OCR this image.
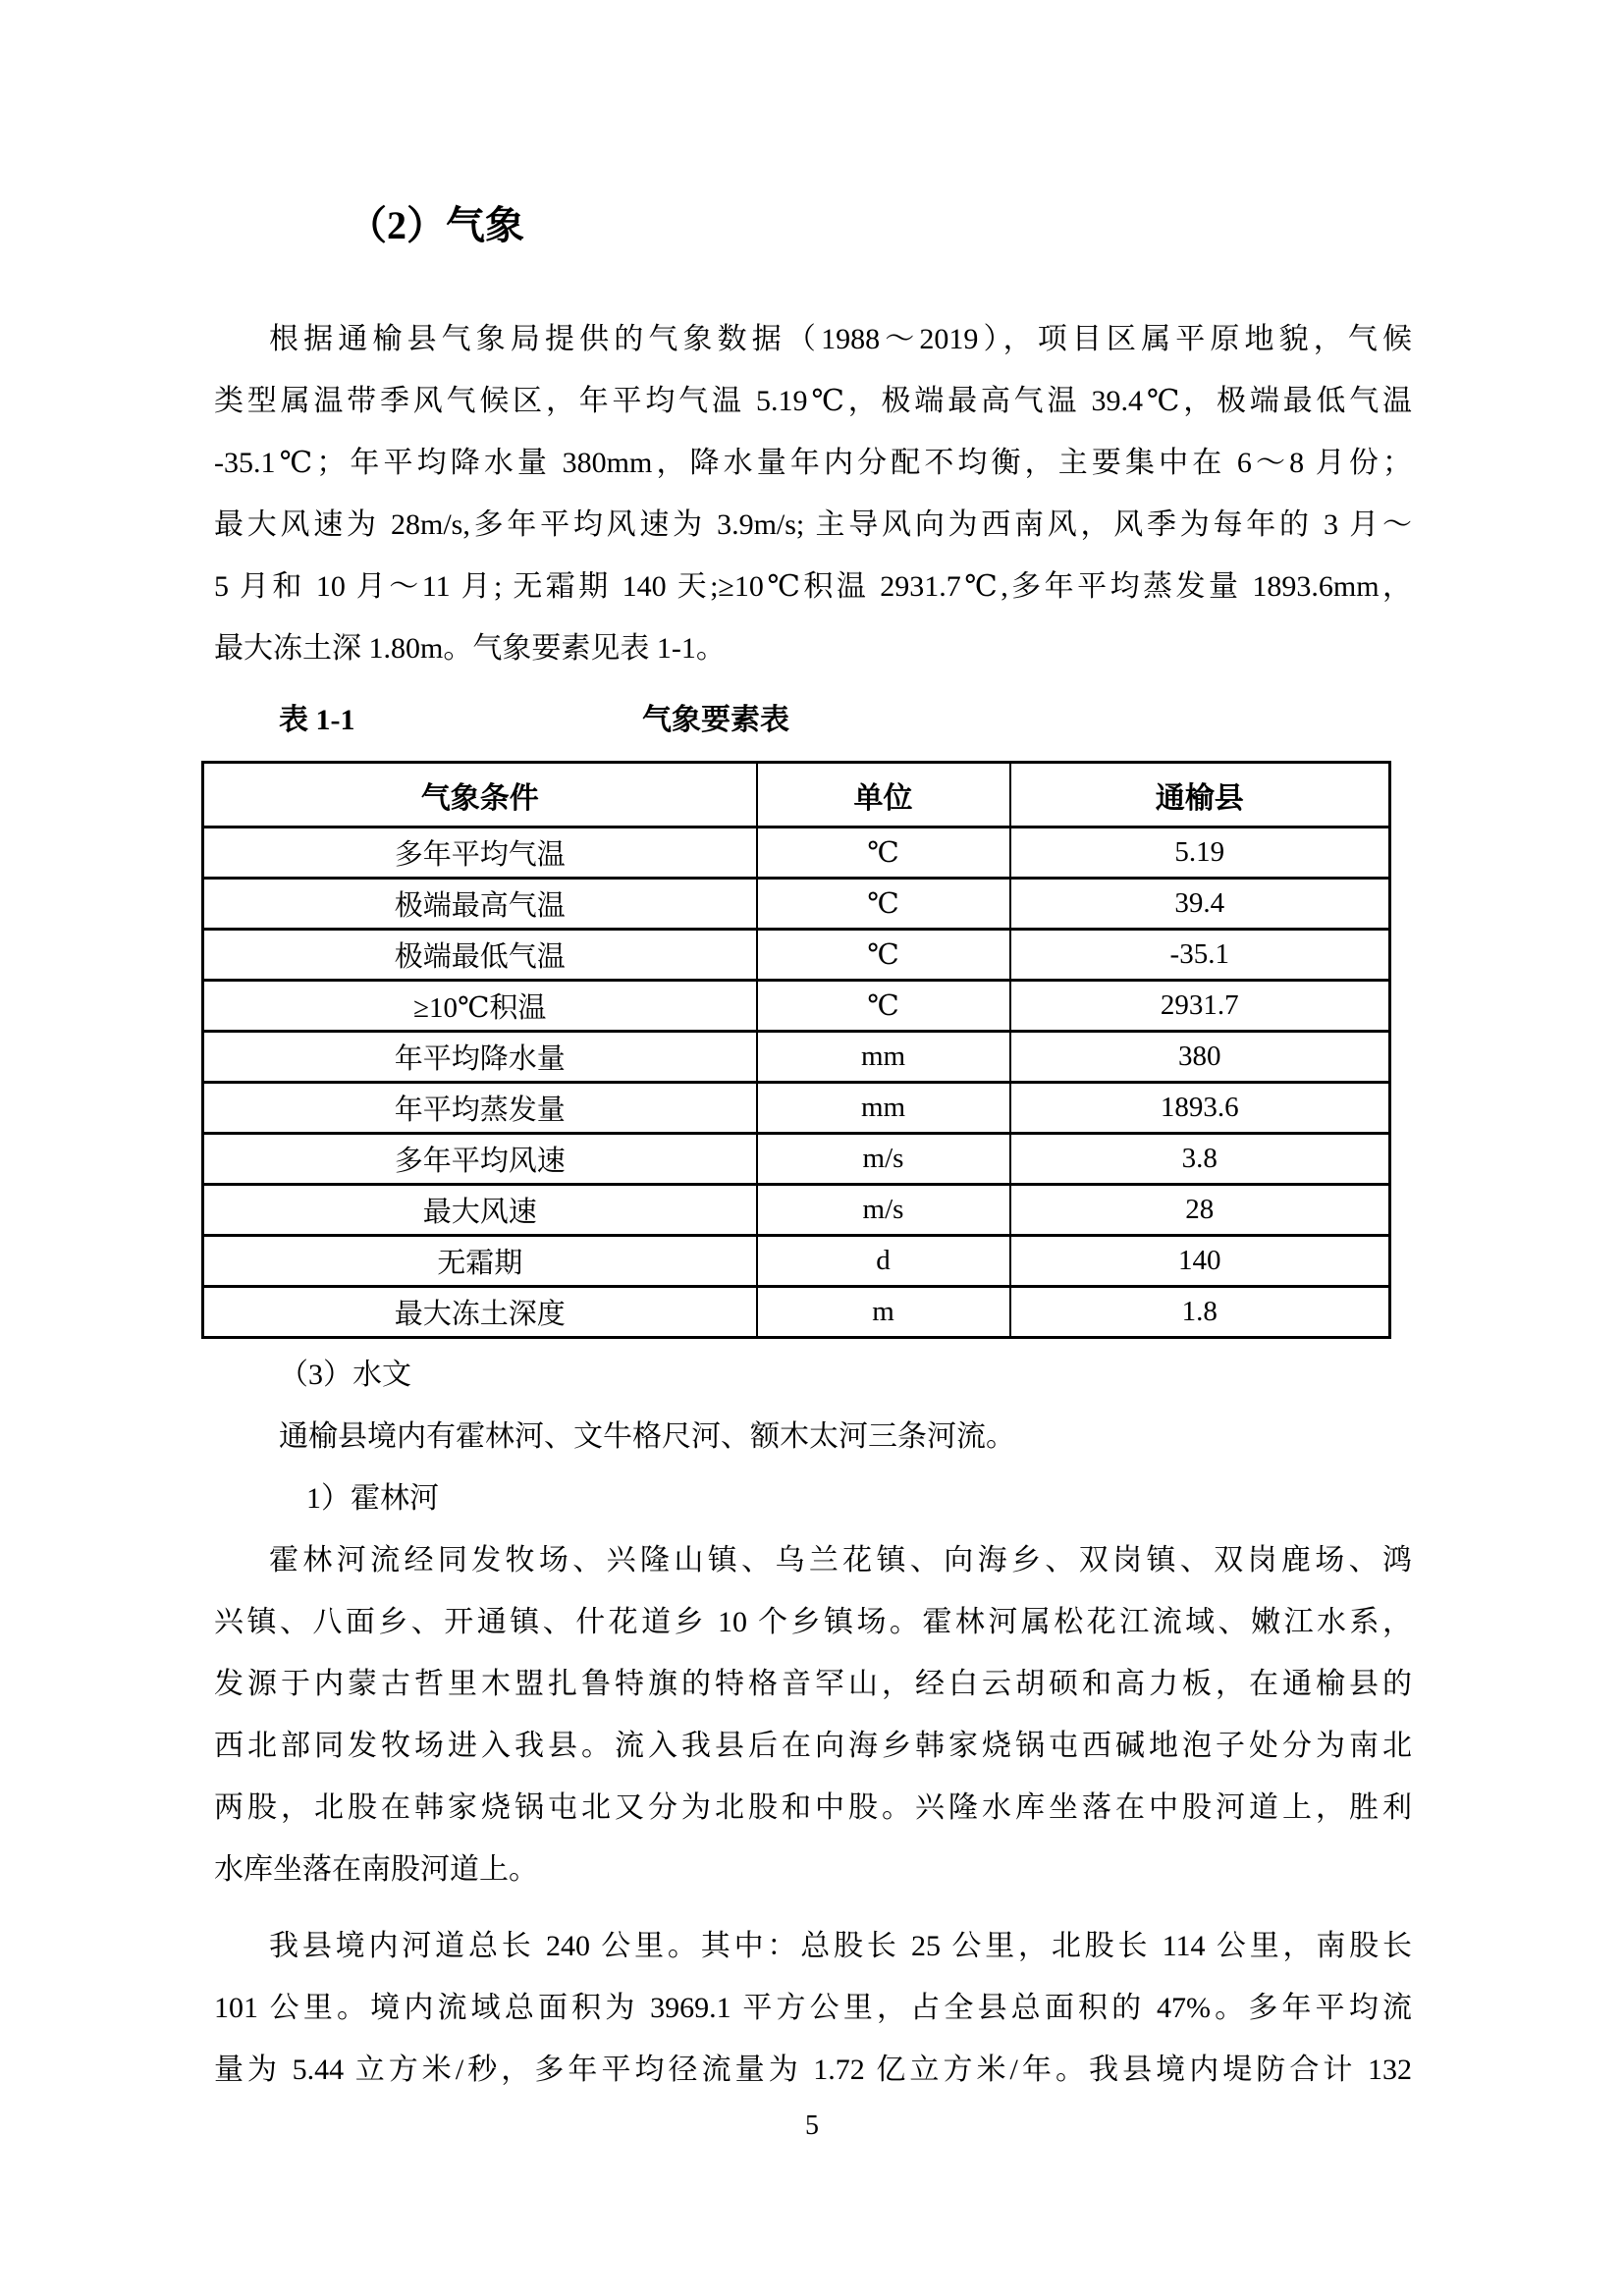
（2）气象

根据通榆县气象局提供的气象数据（1988～2019），项目区属平原地貌，气候

类型属温带季风气候区，年平均气温 5.19℃，极端最高气温 39.4℃，极端最低气温

-35.1℃；年平均降水量 380mm，降水量年内分配不均衡，主要集中在 6～8 月份；

最大风速为 28m/s,多年平均风速为 3.9m/s; 主导风向为西南风，风季为每年的 3 月～

5 月和 10 月～11 月; 无霜期 140 天;≥10℃积温 2931.7℃,多年平均蒸发量 1893.6mm，

最大冻土深 1.80m。气象要素见表 1-1。

表 1-1	气象要素表
气象条件	单位	通榆县
多年平均气温	℃	5.19
极端最高气温	℃	39.4
极端最低气温	℃	-35.1
≥10℃积温	℃	2931.7
年平均降水量	mm	380
年平均蒸发量	mm	1893.6
多年平均风速	m/s	3.8
最大风速	m/s	28
无霜期	d	140
最大冻土深度	m	1.8

（3）水文

通榆县境内有霍林河、文牛格尺河、额木太河三条河流。

1）霍林河

霍林河流经同发牧场、兴隆山镇、乌兰花镇、向海乡、双岗镇、双岗鹿场、鸿

兴镇、八面乡、开通镇、什花道乡 10 个乡镇场。霍林河属松花江流域、嫩江水系，

发源于内蒙古哲里木盟扎鲁特旗的特格音罕山，经白云胡硕和高力板，在通榆县的

西北部同发牧场进入我县。流入我县后在向海乡韩家烧锅屯西碱地泡子处分为南北

两股，北股在韩家烧锅屯北又分为北股和中股。兴隆水库坐落在中股河道上，胜利

水库坐落在南股河道上。

我县境内河道总长 240 公里。其中：总股长 25 公里，北股长 114 公里，南股长

101 公里。境内流域总面积为 3969.1 平方公里，占全县总面积的 47%。多年平均流

量为 5.44 立方米/秒，多年平均径流量为 1.72 亿立方米/年。我县境内堤防合计 132

5
